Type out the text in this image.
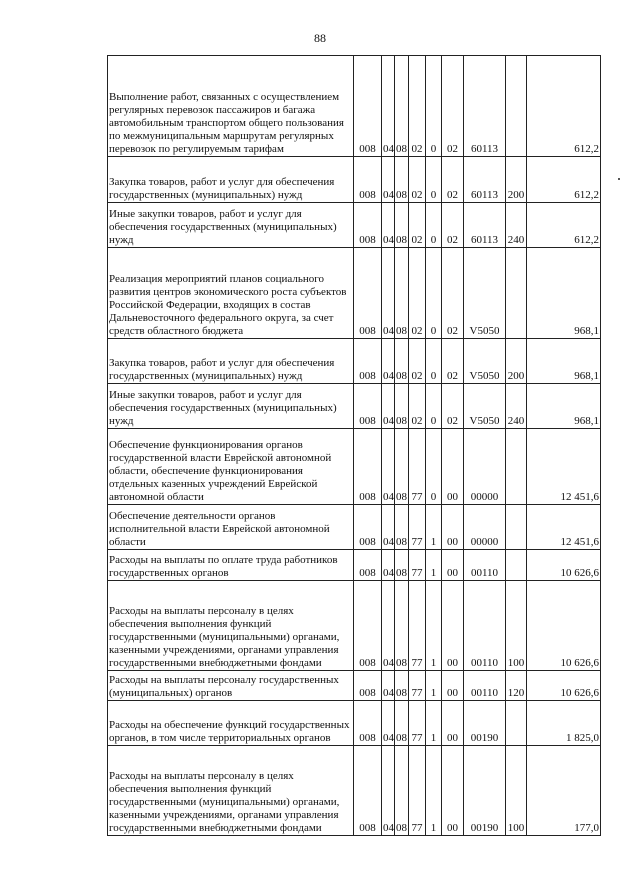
88
Выполнение работ, связанных с осуществлением регулярных перевозок пассажиров и багажа автомобильным транспортом общего пользования по межмуниципальным маршрутам регулярных перевозок по регулируемым тарифам	008	04	08	02	0	02	60113		612,2
Закупка товаров, работ и услуг для обеспечения государственных (муниципальных) нужд	008	04	08	02	0	02	60113	200	612,2
Иные закупки товаров, работ и услуг для обеспечения государственных (муниципальных) нужд	008	04	08	02	0	02	60113	240	612,2
Реализация мероприятий планов социального развития центров экономического роста субъектов Российской Федерации, входящих в состав Дальневосточного федерального округа, за счет средств областного бюджета	008	04	08	02	0	02	V5050		968,1
Закупка товаров, работ и услуг для обеспечения государственных (муниципальных) нужд	008	04	08	02	0	02	V5050	200	968,1
Иные закупки товаров, работ и услуг для обеспечения государственных (муниципальных) нужд	008	04	08	02	0	02	V5050	240	968,1
Обеспечение функционирования органов государственной власти Еврейской автономной области, обеспечение функционирования отдельных казенных учреждений Еврейской автономной области	008	04	08	77	0	00	00000		12 451,6
Обеспечение деятельности органов исполнительной власти Еврейской автономной области	008	04	08	77	1	00	00000		12 451,6
Расходы на выплаты по оплате труда работников государственных органов	008	04	08	77	1	00	00110		10 626,6
Расходы на выплаты персоналу в целях обеспечения выполнения функций государственными (муниципальными) органами, казенными учреждениями, органами управления государственными внебюджетными фондами	008	04	08	77	1	00	00110	100	10 626,6
Расходы на выплаты персоналу государственных (муниципальных) органов	008	04	08	77	1	00	00110	120	10 626,6
Расходы на обеспечение функций государственных органов, в том числе территориальных органов	008	04	08	77	1	00	00190		1 825,0
Расходы на выплаты персоналу в целях обеспечения выполнения функций государственными (муниципальными) органами, казенными учреждениями, органами управления государственными внебюджетными фондами	008	04	08	77	1	00	00190	100	177,0
